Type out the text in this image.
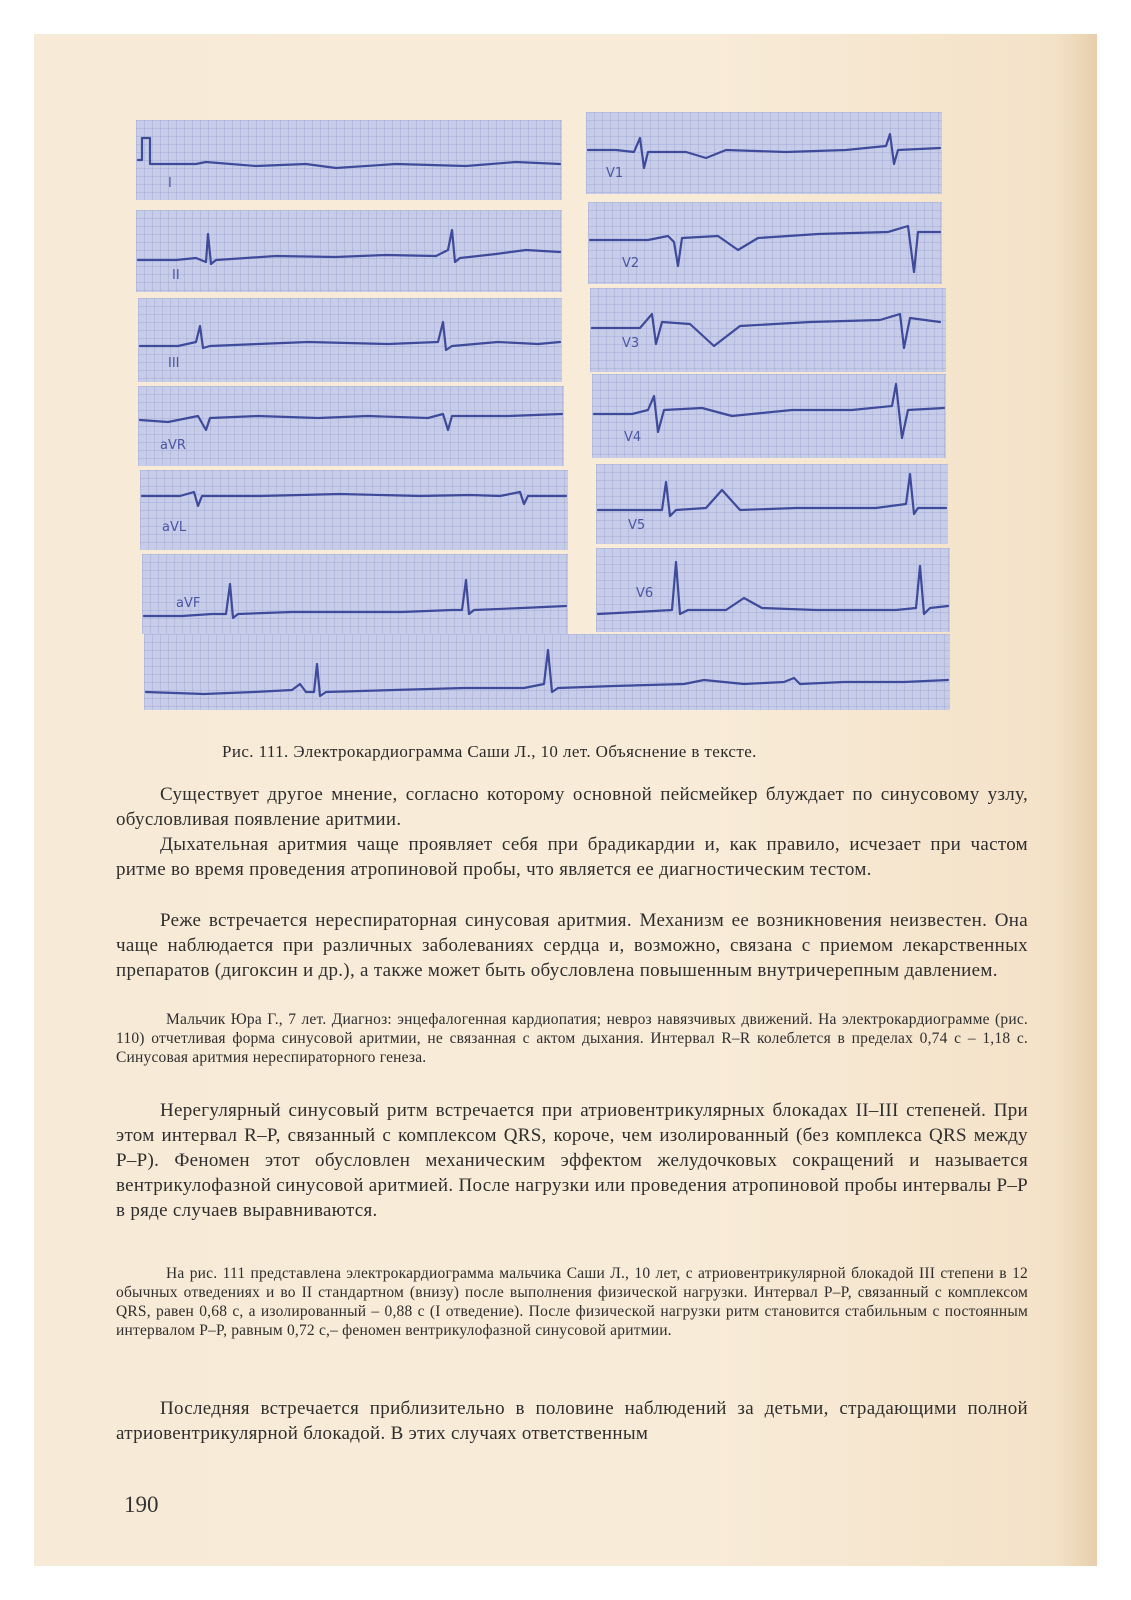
I
II
III
aVR
aVL
aVF
V1
V2
V3
V4
V5
V6
Рис. 111. Электрокардиограмма Саши Л., 10 лет. Объяснение в тексте.
Существует другое мнение, согласно которому основной пейсмейкер блуждает по синусовому узлу, обусловливая появление аритмии.
Дыхательная аритмия чаще проявляет себя при брадикардии и, как правило, исчезает при частом ритме во время проведения атропиновой пробы, что является ее диагностическим тестом.
Реже встречается нереспираторная синусовая аритмия. Механизм ее возникновения неизвестен. Она чаще наблюдается при различных заболеваниях сердца и, возможно, связана с приемом лекарственных препаратов (дигоксин и др.), а также может быть обусловлена повышенным внутричерепным давлением.
Мальчик Юра Г., 7 лет. Диагноз: энцефалогенная кардиопатия; невроз навязчивых движений. На электрокардиограмме (рис. 110) отчетливая форма синусовой аритмии, не связанная с актом дыхания. Интервал R–R колеблется в пределах 0,74 с – 1,18 с. Синусовая аритмия нереспираторного генеза.
Нерегулярный синусовый ритм встречается при атриовентрикулярных блокадах II–III степеней. При этом интервал R–P, связанный с комплексом QRS, короче, чем изолированный (без комплекса QRS между P–P). Феномен этот обусловлен механическим эффектом желудочковых сокращений и называется вентрикулофазной синусовой аритмией. После нагрузки или проведения атропиновой пробы интервалы P–P в ряде случаев выравниваются.
На рис. 111 представлена электрокардиограмма мальчика Саши Л., 10 лет, с атриовентрикулярной блокадой III степени в 12 обычных отведениях и во II стандартном (внизу) после выполнения физической нагрузки. Интервал P–P, связанный с комплексом QRS, равен 0,68 с, а изолированный – 0,88 с (I отведение). После физической нагрузки ритм становится стабильным с постоянным интервалом P–P, равным 0,72 с,– феномен вентрикулофазной синусовой аритмии.
Последняя встречается приблизительно в половине наблюдений за детьми, страдающими полной атриовентрикулярной блокадой. В этих случаях ответственным
190
